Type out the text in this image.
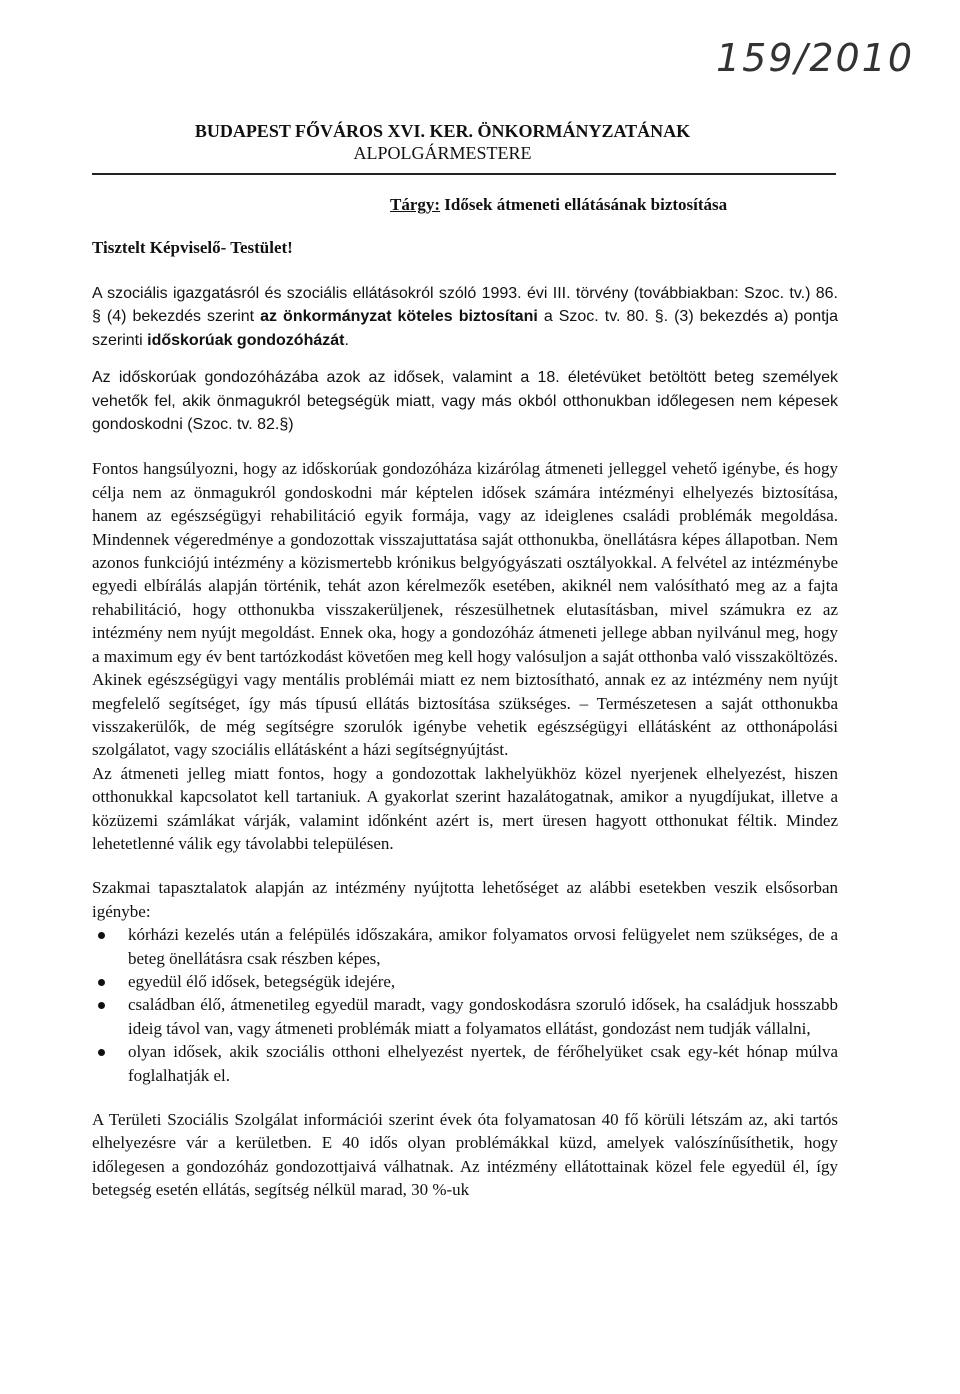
159/2010
BUDAPEST FŐVÁROS XVI. KER. ÖNKORMÁNYZATÁNAK
ALPOLGÁRMESTERE
Tárgy: Idősek átmeneti ellátásának biztosítása
Tisztelt Képviselő- Testület!

A szociális igazgatásról és szociális ellátásokról szóló 1993. évi III. törvény (továbbiakban: Szoc. tv.) 86. § (4) bekezdés szerint az önkormányzat köteles biztosítani a Szoc. tv. 80. §. (3) bekezdés a) pontja szerinti időskorúak gondozóházát.

Az időskorúak gondozóházába azok az idősek, valamint a 18. életévüket betöltött beteg személyek vehetők fel, akik önmagukról betegségük miatt, vagy más okból otthonukban időlegesen nem képesek gondoskodni (Szoc. tv. 82.§)

Fontos hangsúlyozni, hogy az időskorúak gondozóháza kizárólag átmeneti jelleggel vehető igénybe, és hogy célja nem az önmagukról gondoskodni már képtelen idősek számára intézményi elhelyezés biztosítása, hanem az egészségügyi rehabilitáció egyik formája, vagy az ideiglenes családi problémák megoldása. Mindennek végeredménye a gondozottak visszajuttatása saját otthonukba, önellátásra képes állapotban. Nem azonos funkciójú intézmény a közismertebb krónikus belgyógyászati osztályokkal. A felvétel az intézménybe egyedi elbírálás alapján történik, tehát azon kérelmezők esetében, akiknél nem valósítható meg az a fajta rehabilitáció, hogy otthonukba visszakerüljenek, részesülhetnek elutasításban, mivel számukra ez az intézmény nem nyújt megoldást. Ennek oka, hogy a gondozóház átmeneti jellege abban nyilvánul meg, hogy a maximum egy év bent tartózkodást követően meg kell hogy valósuljon a saját otthonba való visszaköltözés. Akinek egészségügyi vagy mentális problémái miatt ez nem biztosítható, annak ez az intézmény nem nyújt megfelelő segítséget, így más típusú ellátás biztosítása szükséges. – Természetesen a saját otthonukba visszakerülők, de még segítségre szorulók igénybe vehetik egészségügyi ellátásként az otthonápolási szolgálatot, vagy szociális ellátásként a házi segítségnyújtást.

Az átmeneti jelleg miatt fontos, hogy a gondozottak lakhelyükhöz közel nyerjenek elhelyezést, hiszen otthonukkal kapcsolatot kell tartaniuk. A gyakorlat szerint hazalátogatnak, amikor a nyugdíjukat, illetve a közüzemi számlákat várják, valamint időnként azért is, mert üresen hagyott otthonukat féltik. Mindez lehetetlenné válik egy távolabbi településen.

Szakmai tapasztalatok alapján az intézmény nyújtotta lehetőséget az alábbi esetekben veszik elsősorban igénybe:

kórházi kezelés után a felépülés időszakára, amikor folyamatos orvosi felügyelet nem szükséges, de a beteg önellátásra csak részben képes,
egyedül élő idősek, betegségük idejére,
családban élő, átmenetileg egyedül maradt, vagy gondoskodásra szoruló idősek, ha családjuk hosszabb ideig távol van, vagy átmeneti problémák miatt a folyamatos ellátást, gondozást nem tudják vállalni,
olyan idősek, akik szociális otthoni elhelyezést nyertek, de férőhelyüket csak egy-két hónap múlva foglalhatják el.

A Területi Szociális Szolgálat információi szerint évek óta folyamatosan 40 fő körüli létszám az, aki tartós elhelyezésre vár a kerületben. E 40 idős olyan problémákkal küzd, amelyek valószínűsíthetik, hogy időlegesen a gondozóház gondozottjaivá válhatnak. Az intézmény ellátottainak közel fele egyedül él, így betegség esetén ellátás, segítség nélkül marad, 30 %-uk
